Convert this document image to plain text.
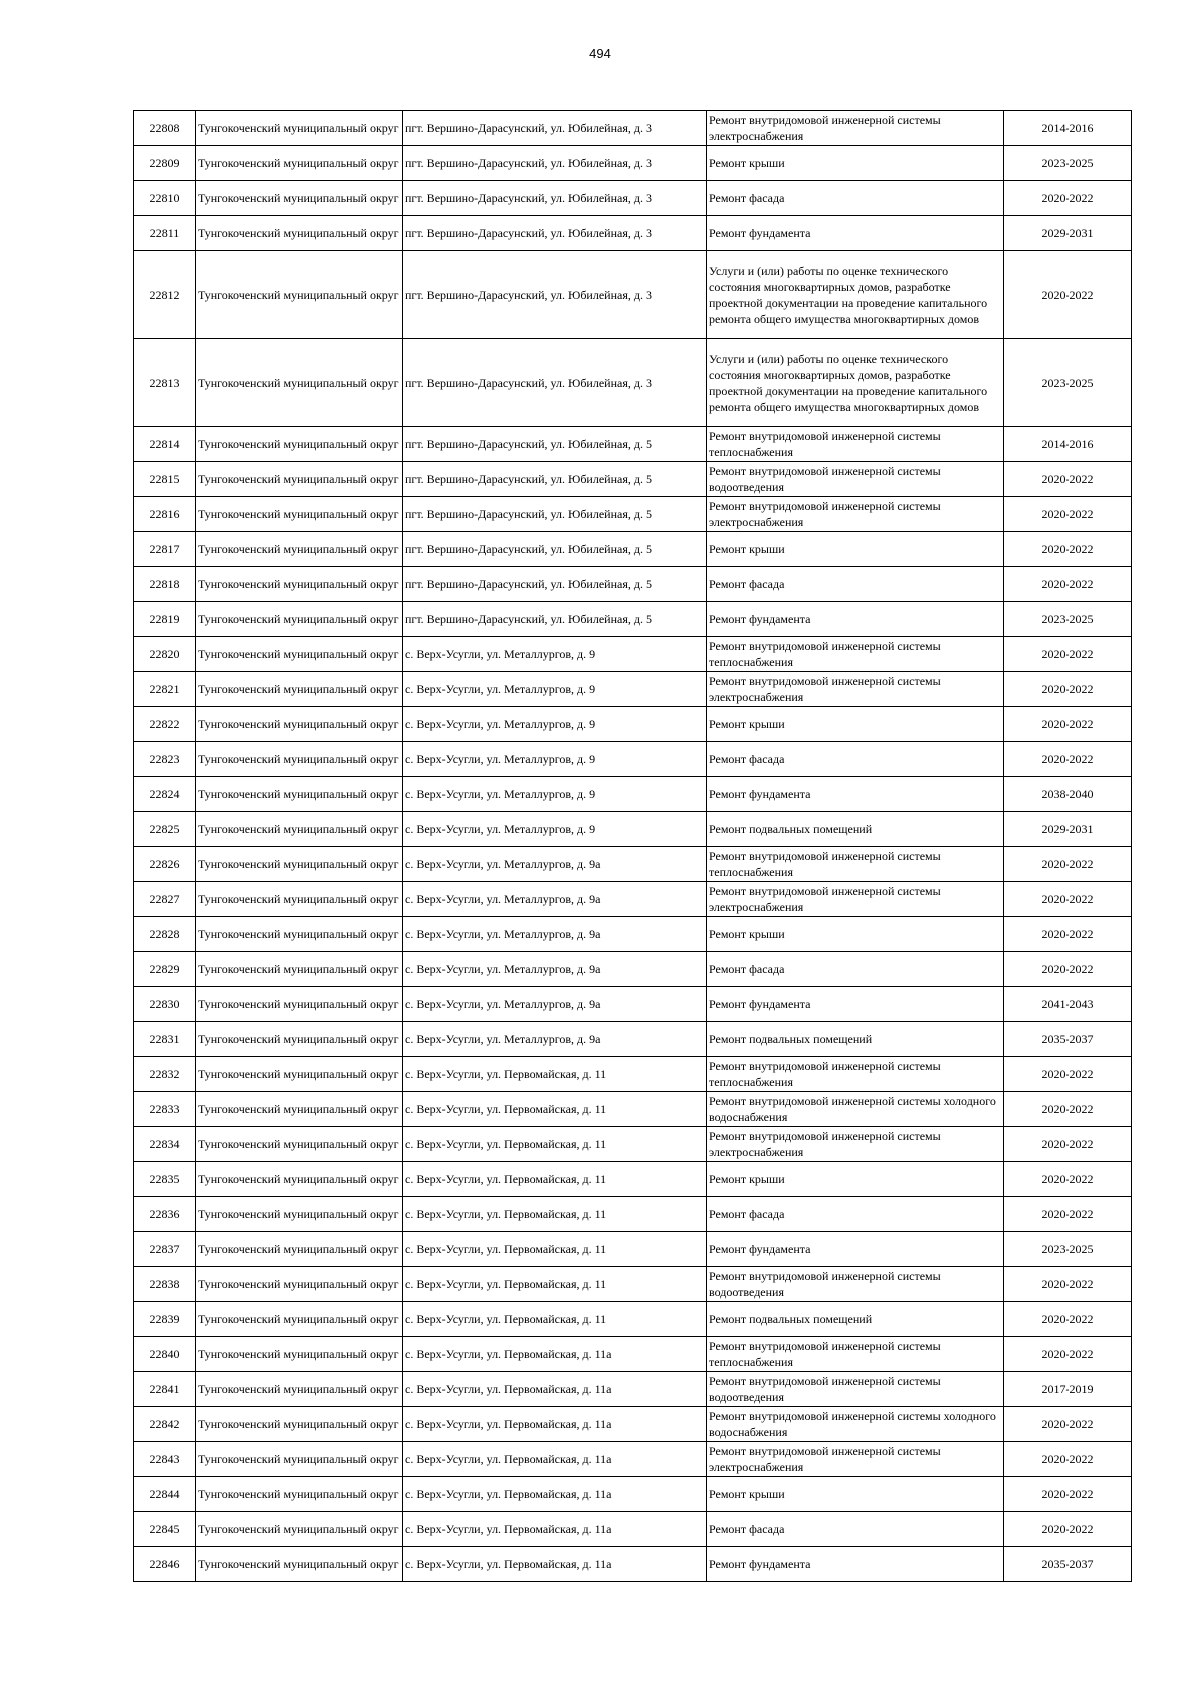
494
22808	Тунгокоченский муниципальный округ	пгт. Вершино-Дарасунский, ул. Юбилейная, д. 3	Ремонт внутридомовой инженерной системы электроснабжения	2014-2016
22809	Тунгокоченский муниципальный округ	пгт. Вершино-Дарасунский, ул. Юбилейная, д. 3	Ремонт крыши	2023-2025
22810	Тунгокоченский муниципальный округ	пгт. Вершино-Дарасунский, ул. Юбилейная, д. 3	Ремонт фасада	2020-2022
22811	Тунгокоченский муниципальный округ	пгт. Вершино-Дарасунский, ул. Юбилейная, д. 3	Ремонт фундамента	2029-2031
22812	Тунгокоченский муниципальный округ	пгт. Вершино-Дарасунский, ул. Юбилейная, д. 3	Услуги и (или) работы по оценке технического состояния многоквартирных домов, разработке проектной документации на проведение капитального ремонта общего имущества многоквартирных домов	2020-2022
22813	Тунгокоченский муниципальный округ	пгт. Вершино-Дарасунский, ул. Юбилейная, д. 3	Услуги и (или) работы по оценке технического состояния многоквартирных домов, разработке проектной документации на проведение капитального ремонта общего имущества многоквартирных домов	2023-2025
22814	Тунгокоченский муниципальный округ	пгт. Вершино-Дарасунский, ул. Юбилейная, д. 5	Ремонт внутридомовой инженерной системы теплоснабжения	2014-2016
22815	Тунгокоченский муниципальный округ	пгт. Вершино-Дарасунский, ул. Юбилейная, д. 5	Ремонт внутридомовой инженерной системы водоотведения	2020-2022
22816	Тунгокоченский муниципальный округ	пгт. Вершино-Дарасунский, ул. Юбилейная, д. 5	Ремонт внутридомовой инженерной системы электроснабжения	2020-2022
22817	Тунгокоченский муниципальный округ	пгт. Вершино-Дарасунский, ул. Юбилейная, д. 5	Ремонт крыши	2020-2022
22818	Тунгокоченский муниципальный округ	пгт. Вершино-Дарасунский, ул. Юбилейная, д. 5	Ремонт фасада	2020-2022
22819	Тунгокоченский муниципальный округ	пгт. Вершино-Дарасунский, ул. Юбилейная, д. 5	Ремонт фундамента	2023-2025
22820	Тунгокоченский муниципальный округ	с. Верх-Усугли, ул. Металлургов, д. 9	Ремонт внутридомовой инженерной системы теплоснабжения	2020-2022
22821	Тунгокоченский муниципальный округ	с. Верх-Усугли, ул. Металлургов, д. 9	Ремонт внутридомовой инженерной системы электроснабжения	2020-2022
22822	Тунгокоченский муниципальный округ	с. Верх-Усугли, ул. Металлургов, д. 9	Ремонт крыши	2020-2022
22823	Тунгокоченский муниципальный округ	с. Верх-Усугли, ул. Металлургов, д. 9	Ремонт фасада	2020-2022
22824	Тунгокоченский муниципальный округ	с. Верх-Усугли, ул. Металлургов, д. 9	Ремонт фундамента	2038-2040
22825	Тунгокоченский муниципальный округ	с. Верх-Усугли, ул. Металлургов, д. 9	Ремонт подвальных помещений	2029-2031
22826	Тунгокоченский муниципальный округ	с. Верх-Усугли, ул. Металлургов, д. 9а	Ремонт внутридомовой инженерной системы теплоснабжения	2020-2022
22827	Тунгокоченский муниципальный округ	с. Верх-Усугли, ул. Металлургов, д. 9а	Ремонт внутридомовой инженерной системы электроснабжения	2020-2022
22828	Тунгокоченский муниципальный округ	с. Верх-Усугли, ул. Металлургов, д. 9а	Ремонт крыши	2020-2022
22829	Тунгокоченский муниципальный округ	с. Верх-Усугли, ул. Металлургов, д. 9а	Ремонт фасада	2020-2022
22830	Тунгокоченский муниципальный округ	с. Верх-Усугли, ул. Металлургов, д. 9а	Ремонт фундамента	2041-2043
22831	Тунгокоченский муниципальный округ	с. Верх-Усугли, ул. Металлургов, д. 9а	Ремонт подвальных помещений	2035-2037
22832	Тунгокоченский муниципальный округ	с. Верх-Усугли, ул. Первомайская, д. 11	Ремонт внутридомовой инженерной системы теплоснабжения	2020-2022
22833	Тунгокоченский муниципальный округ	с. Верх-Усугли, ул. Первомайская, д. 11	Ремонт внутридомовой инженерной системы холодного водоснабжения	2020-2022
22834	Тунгокоченский муниципальный округ	с. Верх-Усугли, ул. Первомайская, д. 11	Ремонт внутридомовой инженерной системы электроснабжения	2020-2022
22835	Тунгокоченский муниципальный округ	с. Верх-Усугли, ул. Первомайская, д. 11	Ремонт крыши	2020-2022
22836	Тунгокоченский муниципальный округ	с. Верх-Усугли, ул. Первомайская, д. 11	Ремонт фасада	2020-2022
22837	Тунгокоченский муниципальный округ	с. Верх-Усугли, ул. Первомайская, д. 11	Ремонт фундамента	2023-2025
22838	Тунгокоченский муниципальный округ	с. Верх-Усугли, ул. Первомайская, д. 11	Ремонт внутридомовой инженерной системы водоотведения	2020-2022
22839	Тунгокоченский муниципальный округ	с. Верх-Усугли, ул. Первомайская, д. 11	Ремонт подвальных помещений	2020-2022
22840	Тунгокоченский муниципальный округ	с. Верх-Усугли, ул. Первомайская, д. 11а	Ремонт внутридомовой инженерной системы теплоснабжения	2020-2022
22841	Тунгокоченский муниципальный округ	с. Верх-Усугли, ул. Первомайская, д. 11а	Ремонт внутридомовой инженерной системы водоотведения	2017-2019
22842	Тунгокоченский муниципальный округ	с. Верх-Усугли, ул. Первомайская, д. 11а	Ремонт внутридомовой инженерной системы холодного водоснабжения	2020-2022
22843	Тунгокоченский муниципальный округ	с. Верх-Усугли, ул. Первомайская, д. 11а	Ремонт внутридомовой инженерной системы электроснабжения	2020-2022
22844	Тунгокоченский муниципальный округ	с. Верх-Усугли, ул. Первомайская, д. 11а	Ремонт крыши	2020-2022
22845	Тунгокоченский муниципальный округ	с. Верх-Усугли, ул. Первомайская, д. 11а	Ремонт фасада	2020-2022
22846	Тунгокоченский муниципальный округ	с. Верх-Усугли, ул. Первомайская, д. 11а	Ремонт фундамента	2035-2037
